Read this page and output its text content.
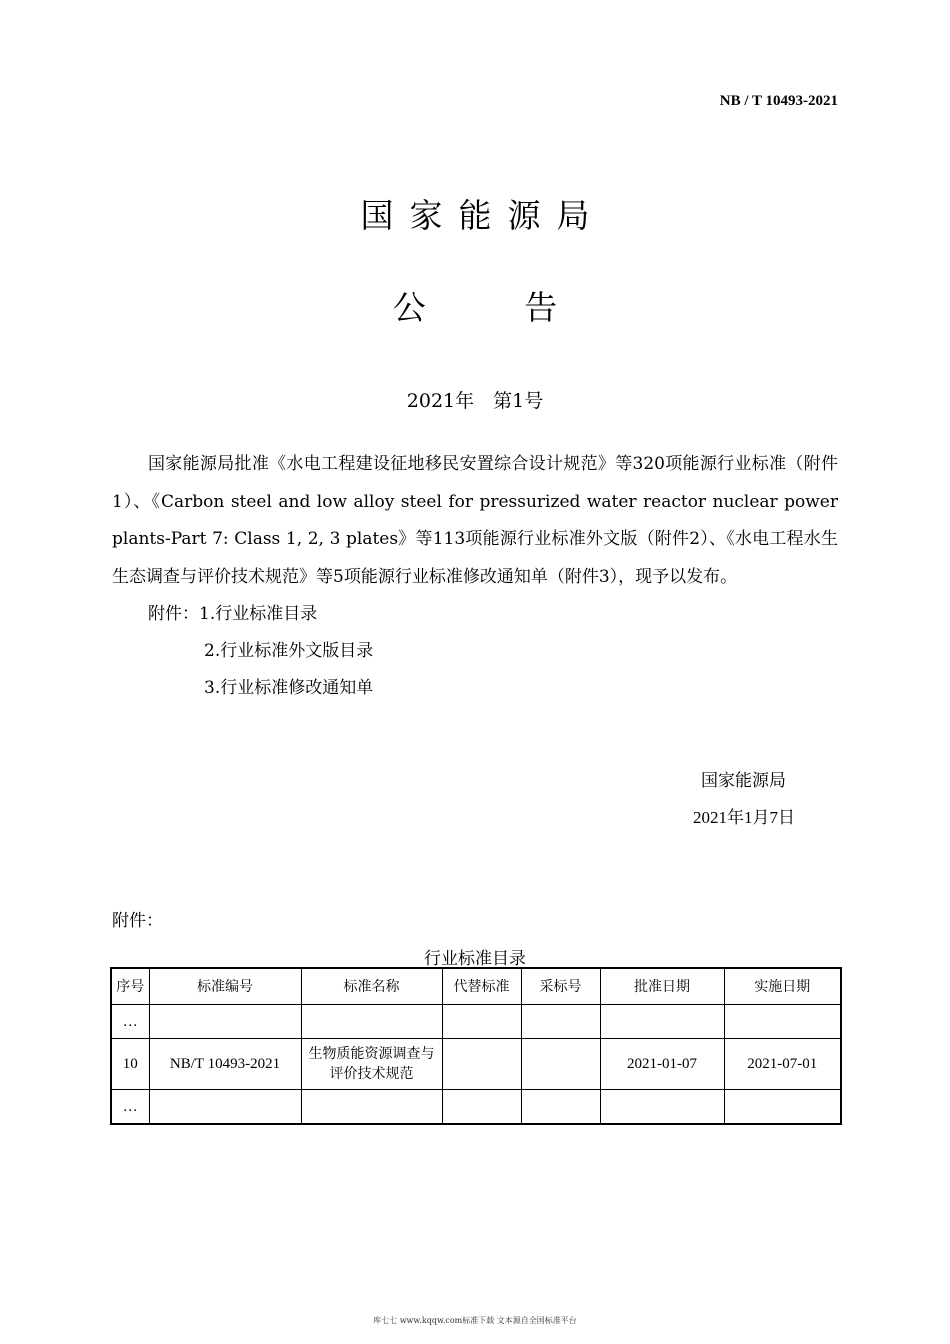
NB / T 10493-2021
国家能源局
公 告
2021年　第1号
国家能源局批准《水电工程建设征地移民安置综合设计规范》等320项能源行业标准（附件1）、《Carbon steel and low alloy steel for pressurized water reactor nuclear power plants-Part 7: Class 1, 2, 3 plates》等113项能源行业标准外文版（附件2）、《水电工程水生生态调查与评价技术规范》等5项能源行业标准修改通知单（附件3），现予以发布。
附件：1.行业标准目录
2.行业标准外文版目录
3.行业标准修改通知单
国家能源局
2021年1月7日
附件：
行业标准目录
序号	标准编号	标准名称	代替标准	采标号	批准日期	实施日期
…						
10	NB/T 10493-2021	生物质能资源调查与评价技术规范			2021-01-07	2021-07-01
…						
库七七 www.kqqw.com标准下载 文本源自全国标准平台
